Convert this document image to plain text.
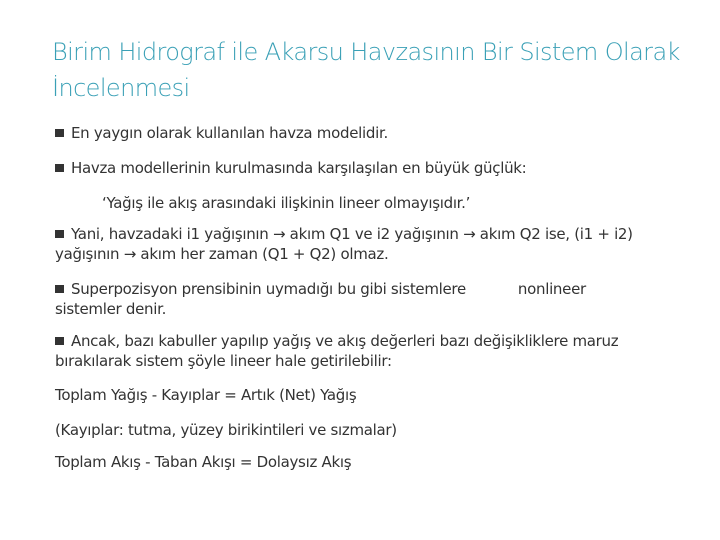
Birim Hidrograf ile Akarsu Havzasının Bir Sistem Olarak
İncelenmesi
En yaygın olarak kullanılan havza modelidir.
Havza modellerinin kurulmasında karşılaşılan en büyük güçlük:
‘Yağış ile akış arasındaki ilişkinin lineer olmayışıdır.’
Yani, havzadaki i1 yağışının → akım Q1 ve i2 yağışının → akım Q2 ise, (i1 + i2)
yağışının → akım her zaman (Q1 + Q2) olmaz.
Superpozisyon prensibinin uymadığı bu gibi sistemlere	nonlineer
sistemler denir.
Ancak, bazı kabuller yapılıp yağış ve akış değerleri bazı değişikliklere maruz
bırakılarak sistem şöyle lineer hale getirilebilir:
Toplam Yağış - Kayıplar = Artık (Net) Yağış
(Kayıplar: tutma, yüzey birikintileri ve sızmalar)
Toplam Akış - Taban Akışı = Dolaysız Akış
